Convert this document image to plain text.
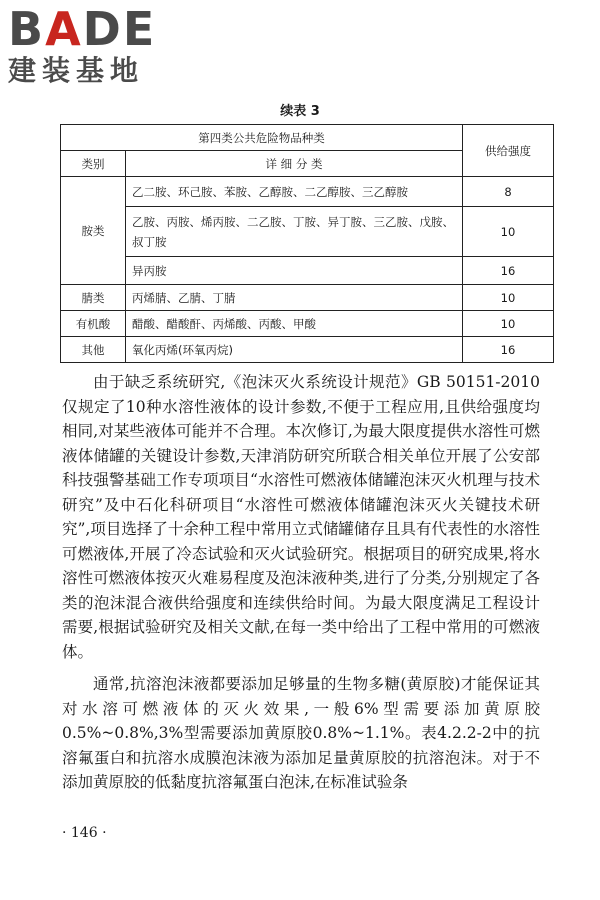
BADE
建装基地
续表 3
第四类公共危险物品种类		供给强度
类别	详 细 分 类	
胺类	乙二胺、环己胺、苯胺、乙醇胺、二乙醇胺、三乙醇胺	8
	乙胺、丙胺、烯丙胺、二乙胺、丁胺、异丁胺、三乙胺、戊胺、叔丁胺	10
	异丙胺	16
腈类	丙烯腈、乙腈、丁腈	10
有机酸	醋酸、醋酸酐、丙烯酸、丙酸、甲酸	10
其他	氧化丙烯(环氧丙烷)	16

由于缺乏系统研究,《泡沫灭火系统设计规范》GB 50151-2010仅规定了10种水溶性液体的设计参数,不便于工程应用,且供给强度均相同,对某些液体可能并不合理。本次修订,为最大限度提供水溶性可燃液体储罐的关键设计参数,天津消防研究所联合相关单位开展了公安部科技强警基础工作专项项目“水溶性可燃液体储罐泡沫灭火机理与技术研究”及中石化科研项目“水溶性可燃液体储罐泡沫灭火关键技术研究”,项目选择了十余种工程中常用立式储罐储存且具有代表性的水溶性可燃液体,开展了冷态试验和灭火试验研究。根据项目的研究成果,将水溶性可燃液体按灭火难易程度及泡沫液种类,进行了分类,分别规定了各类的泡沫混合液供给强度和连续供给时间。为最大限度满足工程设计需要,根据试验研究及相关文献,在每一类中给出了工程中常用的可燃液体。

通常,抗溶泡沫液都要添加足够量的生物多糖(黄原胶)才能保证其对水溶可燃液体的灭火效果,一般6%型需要添加黄原胶0.5%~0.8%,3%型需要添加黄原胶0.8%~1.1%。表4.2.2-2中的抗溶氟蛋白和抗溶水成膜泡沫液为添加足量黄原胶的抗溶泡沫。对于不添加黄原胶的低黏度抗溶氟蛋白泡沫,在标准试验条

· 146 ·
